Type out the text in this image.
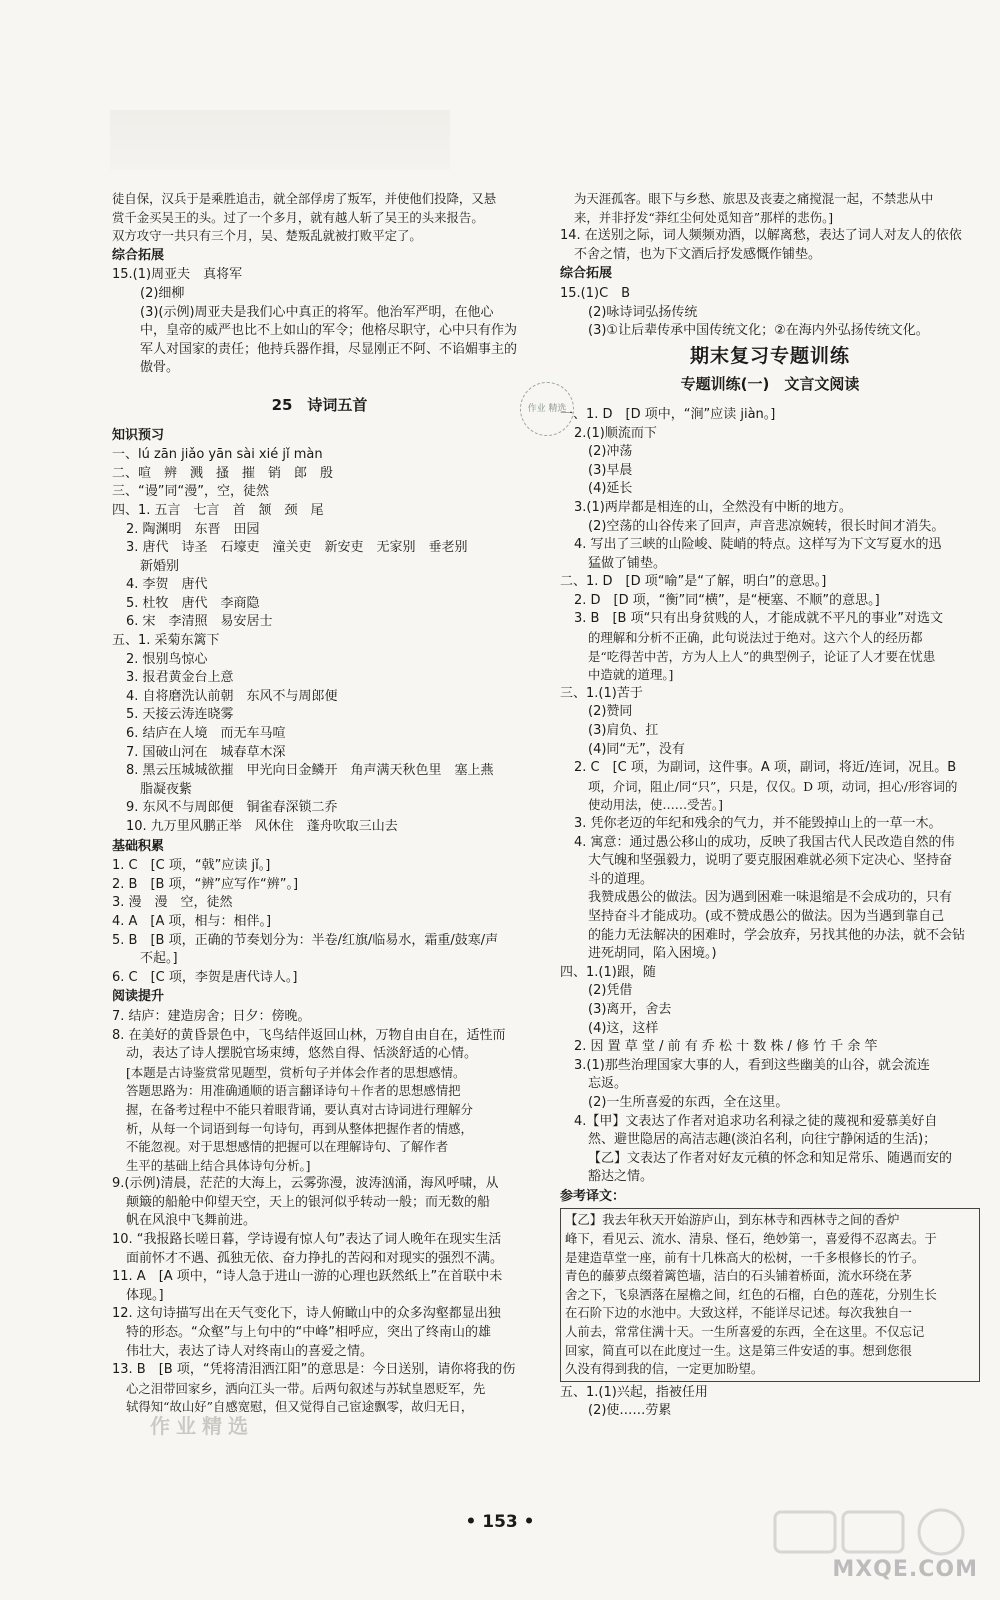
徒自保，汉兵于是乘胜追击，就全部俘虏了叛军，并使他们投降，又悬

赏千金买吴王的头。过了一个多月，就有越人斩了吴王的头来报告。

双方攻守一共只有三个月，吴、楚叛乱就被打败平定了。

综合拓展

15.(1)周亚夫　真将军

(2)细柳

(3)(示例)周亚夫是我们心中真正的将军。他治军严明，在他心

中，皇帝的威严也比不上如山的军令；他格尽职守，心中只有作为

军人对国家的责任；他持兵器作揖，尽显刚正不阿、不谄媚事主的

傲骨。

25　诗词五首

知识预习

一、lú zān jiǎo yān sài xié jǐ màn

二、喧　辨　溅　搔　摧　销　郎　殷

三、“谩”同“漫”，空，徒然

四、1. 五言　七言　首　颔　颈　尾

2. 陶渊明　东晋　田园

3. 唐代　诗圣　石壕吏　潼关吏　新安吏　无家别　垂老别

新婚别

4. 李贺　唐代

5. 杜牧　唐代　李商隐

6. 宋　李清照　易安居士

五、1. 采菊东篱下

2. 恨别鸟惊心

3. 报君黄金台上意

4. 自将磨洗认前朝　东风不与周郎便

5. 天接云涛连晓雾

6. 结庐在人境　而无车马喧

7. 国破山河在　城春草木深

8. 黑云压城城欲摧　甲光向日金鳞开　角声满天秋色里　塞上燕

脂凝夜紫

9. 东风不与周郎便　铜雀春深锁二乔

10. 九万里风鹏正举　风休住　蓬舟吹取三山去

基础积累

1. C　[C 项，“戟”应读 jǐ。]

2. B　[B 项，“辨”应写作“辨”。]

3. 漫　漫　空，徒然

4. A　[A 项，相与：相伴。]

5. B　[B 项，正确的节奏划分为：半卷/红旗/临易水，霜重/鼓寒/声

不起。]

6. C　[C 项，李贺是唐代诗人。]

阅读提升

7. 结庐：建造房舍；日夕：傍晚。

8. 在美好的黄昏景色中，飞鸟结伴返回山林，万物自由自在，适性而

动，表达了诗人摆脱官场束缚，悠然自得、恬淡舒适的心情。

[本题是古诗鉴赏常见题型，赏析句子并体会作者的思想感情。

答题思路为：用准确通顺的语言翻译诗句＋作者的思想感情把

握，在备考过程中不能只着眼背诵，要认真对古诗词进行理解分

析，从每一个词语到每一句诗句，再到从整体把握作者的情感，

不能忽视。对于思想感情的把握可以在理解诗句、了解作者

生平的基础上结合具体诗句分析。]

9.(示例)清晨，茫茫的大海上，云雾弥漫，波涛汹涌，海风呼啸，从

颠簸的船舱中仰望天空，天上的银河似乎转动一般；而无数的船

帆在风浪中飞舞前进。

10. “我报路长嗟日暮，学诗谩有惊人句”表达了词人晚年在现实生活

面前怀才不遇、孤独无依、奋力挣扎的苦闷和对现实的强烈不满。

11. A　[A 项中，“诗人急于进山一游的心理也跃然纸上”在首联中未

体现。]

12. 这句诗描写出在天气变化下，诗人俯瞰山中的众多沟壑都显出独

特的形态。“众壑”与上句中的“中峰”相呼应，突出了终南山的雄

伟壮大，表达了诗人对终南山的喜爱之情。

13. B　[B 项，“凭将清泪洒江阳”的意思是：今日送别，请你将我的伤

心之泪带回家乡，洒向江头一带。后两句叙述与苏轼皇恩贬军，先

轼得知“故山好”自感宽慰，但又觉得自己宦途飘零，故归无日，

作业 精选

为天涯孤客。眼下与乡愁、旅思及丧妻之痛搅混一起，不禁悲从中

来，并非抒发“莽红尘何处觅知音”那样的悲伤。]

14. 在送别之际，词人频频劝酒，以解离愁，表达了词人对友人的依依

不舍之情，也为下文酒后抒发感慨作铺垫。

综合拓展

15.(1)C　B

(2)咏诗词弘扬传统

(3)①让后辈传承中国传统文化；②在海内外弘扬传统文化。

期末复习专题训练

专题训练(一)　文言文阅读

一、1. D　[D 项中，“涧”应读 jiàn。]

2.(1)顺流而下

(2)冲荡

(3)早晨

(4)延长

3.(1)两岸都是相连的山，全然没有中断的地方。

(2)空荡的山谷传来了回声，声音悲凉婉转，很长时间才消失。

4. 写出了三峡的山险峻、陡峭的特点。这样写为下文写夏水的迅

猛做了铺垫。

二、1. D　[D 项“喻”是“了解，明白”的意思。]

2. D　[D 项，“衡”同“横”，是“梗塞、不顺”的意思。]

3. B　[B 项“只有出身贫贱的人，才能成就不平凡的事业”对选文

的理解和分析不正确，此句说法过于绝对。这六个人的经历都

是“吃得苦中苦，方为人上人”的典型例子，论证了人才要在忧患

中造就的道理。]

三、1.(1)苦于

(2)赞同

(3)肩负、扛

(4)同“无”，没有

2. C　[C 项，为副词，这件事。A 项，副词，将近/连词，况且。B

项，介词，阻止/同“只”，只是，仅仅。D 项，动词，担心/形容词的

使动用法，使……受苦。]

3. 凭你老迈的年纪和残余的气力，并不能毁掉山上的一草一木。

4. 寓意：通过愚公移山的成功，反映了我国古代人民改造自然的伟

大气魄和坚强毅力，说明了要克服困难就必须下定决心、坚持奋

斗的道理。

我赞成愚公的做法。因为遇到困难一味退缩是不会成功的，只有

坚持奋斗才能成功。(或不赞成愚公的做法。因为当遇到靠自己

的能力无法解决的困难时，学会放弃，另找其他的办法，就不会钻

进死胡同，陷入困境。)

四、1.(1)跟，随

(2)凭借

(3)离开，舍去

(4)这，这样

2. 因 置 草 堂 / 前 有 乔 松 十 数 株 / 修 竹 千 余 竿

3.(1)那些治理国家大事的人，看到这些幽美的山谷，就会流连

忘返。

(2)一生所喜爱的东西，全在这里。

4.【甲】文表达了作者对追求功名利禄之徒的蔑视和爱慕美好自

然、避世隐居的高洁志趣(淡泊名利，向往宁静闲适的生活)；

【乙】文表达了作者对好友元稹的怀念和知足常乐、随遇而安的

豁达之情。

参考译文：

【乙】我去年秋天开始游庐山，到东林寺和西林寺之间的香炉

峰下，看见云、流水、清泉、怪石，绝妙第一，喜爱得不忍离去。于

是建造草堂一座，前有十几株高大的松树，一千多根修长的竹子。

青色的藤萝点缀着篱笆墙，洁白的石头铺着桥面，流水环绕在茅

舍之下，飞泉洒落在屋檐之间，红色的石榴，白色的莲花，分别生长

在石阶下边的水池中。大致这样，不能详尽记述。每次我独自一

人前去，常常住满十天。一生所喜爱的东西，全在这里。不仅忘记

回家，简直可以在此度过一生。这是第三件安适的事。想到您很

久没有得到我的信，一定更加盼望。

五、1.(1)兴起，指被任用

(2)使……劳累

作业精选
• 153 •
MXQE.COM
